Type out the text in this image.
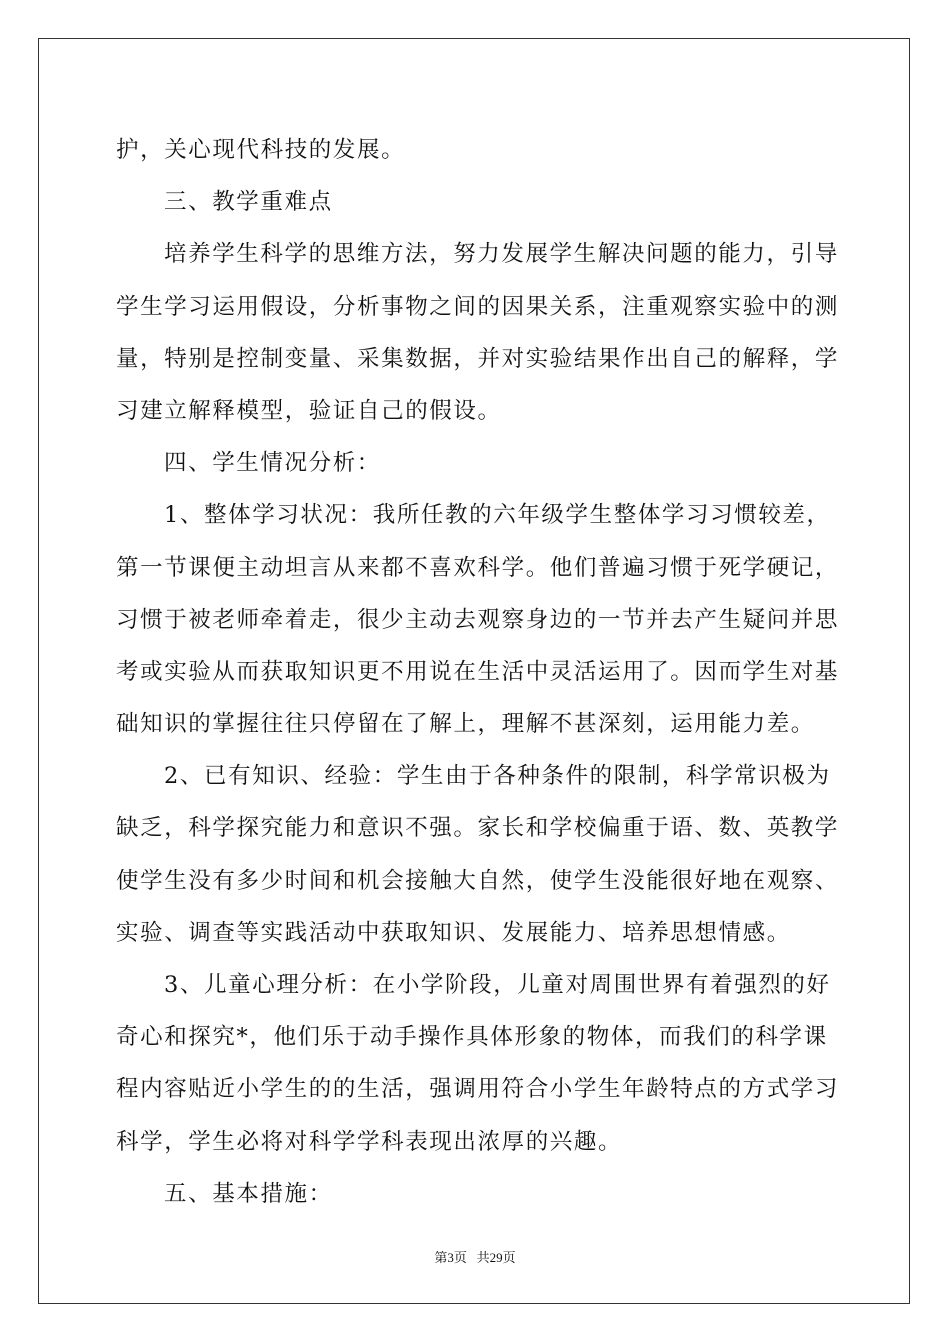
护，关心现代科技的发展。
三、教学重难点
培养学生科学的思维方法，努力发展学生解决问题的能力，引导
学生学习运用假设，分析事物之间的因果关系，注重观察实验中的测
量，特别是控制变量、采集数据，并对实验结果作出自己的解释，学
习建立解释模型，验证自己的假设。
四、学生情况分析：
1、整体学习状况：我所任教的六年级学生整体学习习惯较差，
第一节课便主动坦言从来都不喜欢科学。他们普遍习惯于死学硬记，
习惯于被老师牵着走，很少主动去观察身边的一节并去产生疑问并思
考或实验从而获取知识更不用说在生活中灵活运用了。因而学生对基
础知识的掌握往往只停留在了解上，理解不甚深刻，运用能力差。
2、已有知识、经验：学生由于各种条件的限制，科学常识极为
缺乏，科学探究能力和意识不强。家长和学校偏重于语、数、英教学
使学生没有多少时间和机会接触大自然，使学生没能很好地在观察、
实验、调查等实践活动中获取知识、发展能力、培养思想情感。
3、儿童心理分析：在小学阶段，儿童对周围世界有着强烈的好
奇心和探究*，他们乐于动手操作具体形象的物体，而我们的科学课
程内容贴近小学生的的生活，强调用符合小学生年龄特点的方式学习
科学，学生必将对科学学科表现出浓厚的兴趣。
五、基本措施：
第3页 共29页
